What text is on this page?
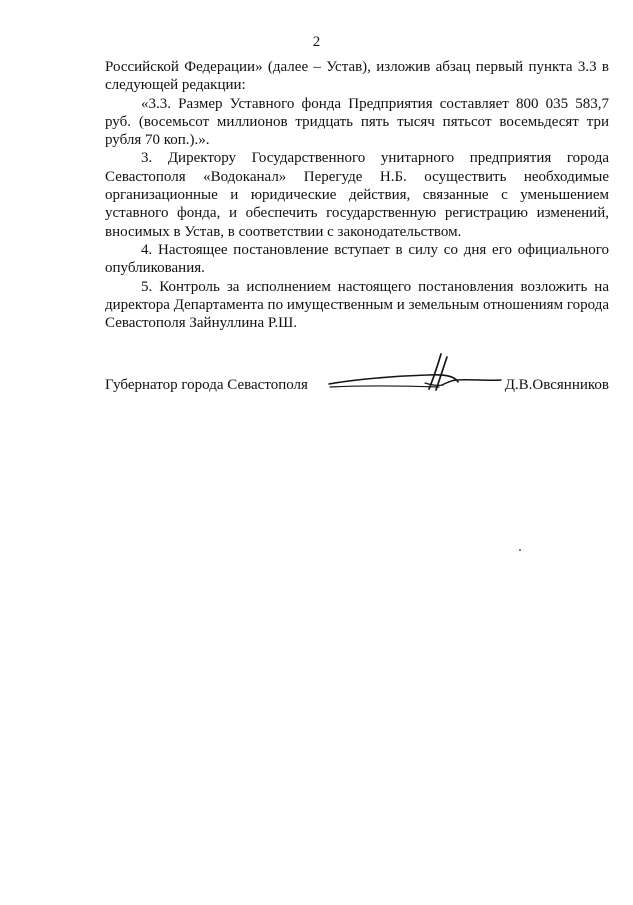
2

Российской Федерации» (далее – Устав), изложив абзац первый пункта 3.3 в следующей редакции:

«3.3. Размер Уставного фонда Предприятия составляет 800 035 583,7 руб. (восемьсот миллионов тридцать пять тысяч пятьсот восемьдесят три рубля 70 коп.).».

3. Директору Государственного унитарного предприятия города Севастополя «Водоканал» Перегуде Н.Б. осуществить необходимые организационные и юридические действия, связанные с уменьшением уставного фонда, и обеспечить государственную регистрацию изменений, вносимых в Устав, в соответствии с законодательством.

4. Настоящее постановление вступает в силу со дня его официального опубликования.

5. Контроль за исполнением настоящего постановления возложить на директора Департамента по имущественным и земельным отношениям города Севастополя Зайнуллина Р.Ш.

Губернатор города Севастополя	Д.В.Овсянников
